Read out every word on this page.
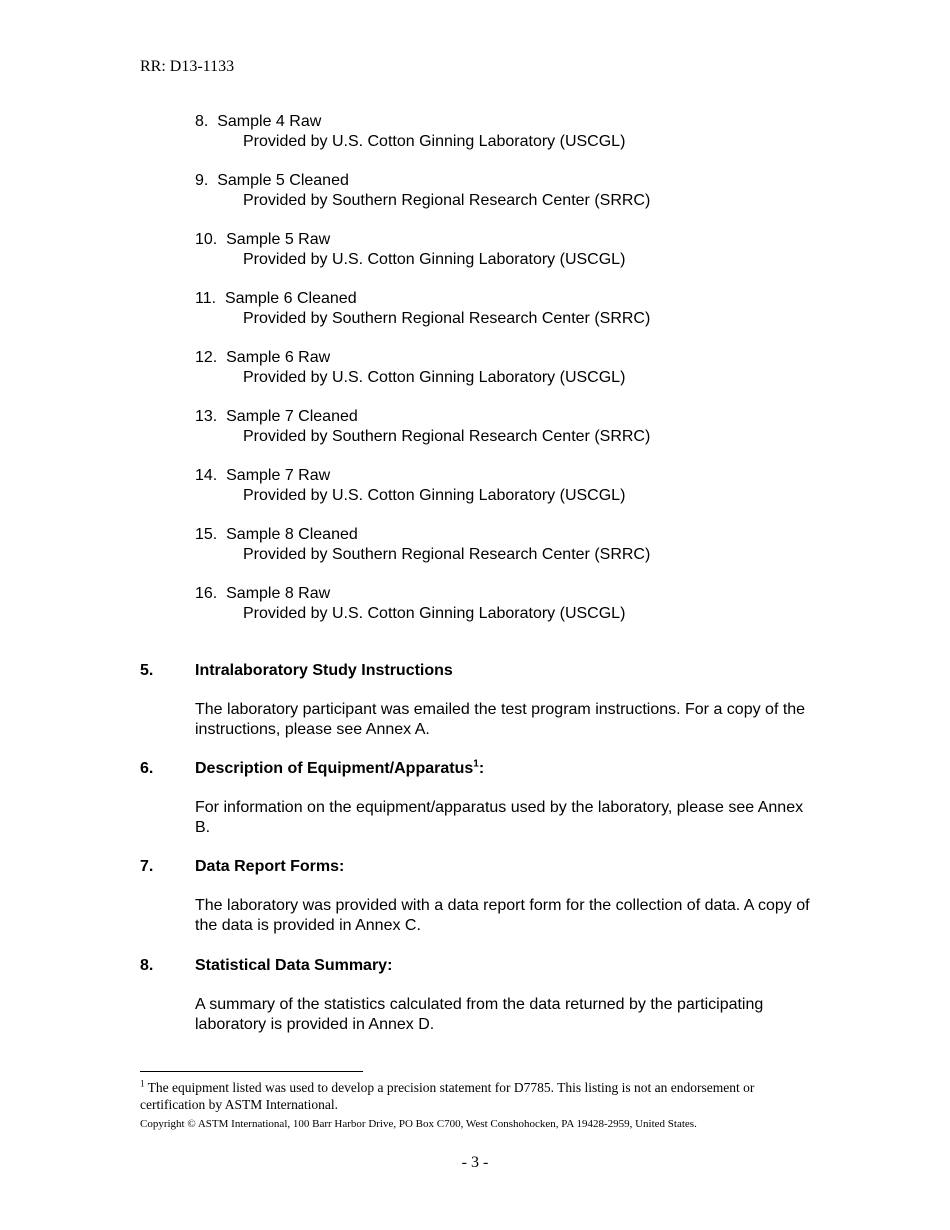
RR: D13-1133
8.  Sample 4 Raw
Provided by U.S. Cotton Ginning Laboratory (USCGL)
9.  Sample 5 Cleaned
Provided by Southern Regional Research Center (SRRC)
10.  Sample 5 Raw
Provided by U.S. Cotton Ginning Laboratory (USCGL)
11.  Sample 6 Cleaned
Provided by Southern Regional Research Center (SRRC)
12.  Sample 6 Raw
Provided by U.S. Cotton Ginning Laboratory (USCGL)
13.  Sample 7 Cleaned
Provided by Southern Regional Research Center (SRRC)
14.  Sample 7 Raw
Provided by U.S. Cotton Ginning Laboratory (USCGL)
15.  Sample 8 Cleaned
Provided by Southern Regional Research Center (SRRC)
16.  Sample 8 Raw
Provided by U.S. Cotton Ginning Laboratory (USCGL)
5.	Intralaboratory Study Instructions
The laboratory participant was emailed the test program instructions. For a copy of the instructions, please see Annex A.
6.	Description of Equipment/Apparatus$^1$:
For information on the equipment/apparatus used by the laboratory, please see Annex B.
7.	Data Report Forms:
The laboratory was provided with a data report form for the collection of data. A copy of the data is provided in Annex C.
8.	Statistical Data Summary:
A summary of the statistics calculated from the data returned by the participating laboratory is provided in Annex D.
$^1$ The equipment listed was used to develop a precision statement for D7785. This listing is not an endorsement or certification by ASTM International.
Copyright © ASTM International, 100 Barr Harbor Drive, PO Box C700, West Conshohocken, PA 19428-2959, United States.
- 3 -
